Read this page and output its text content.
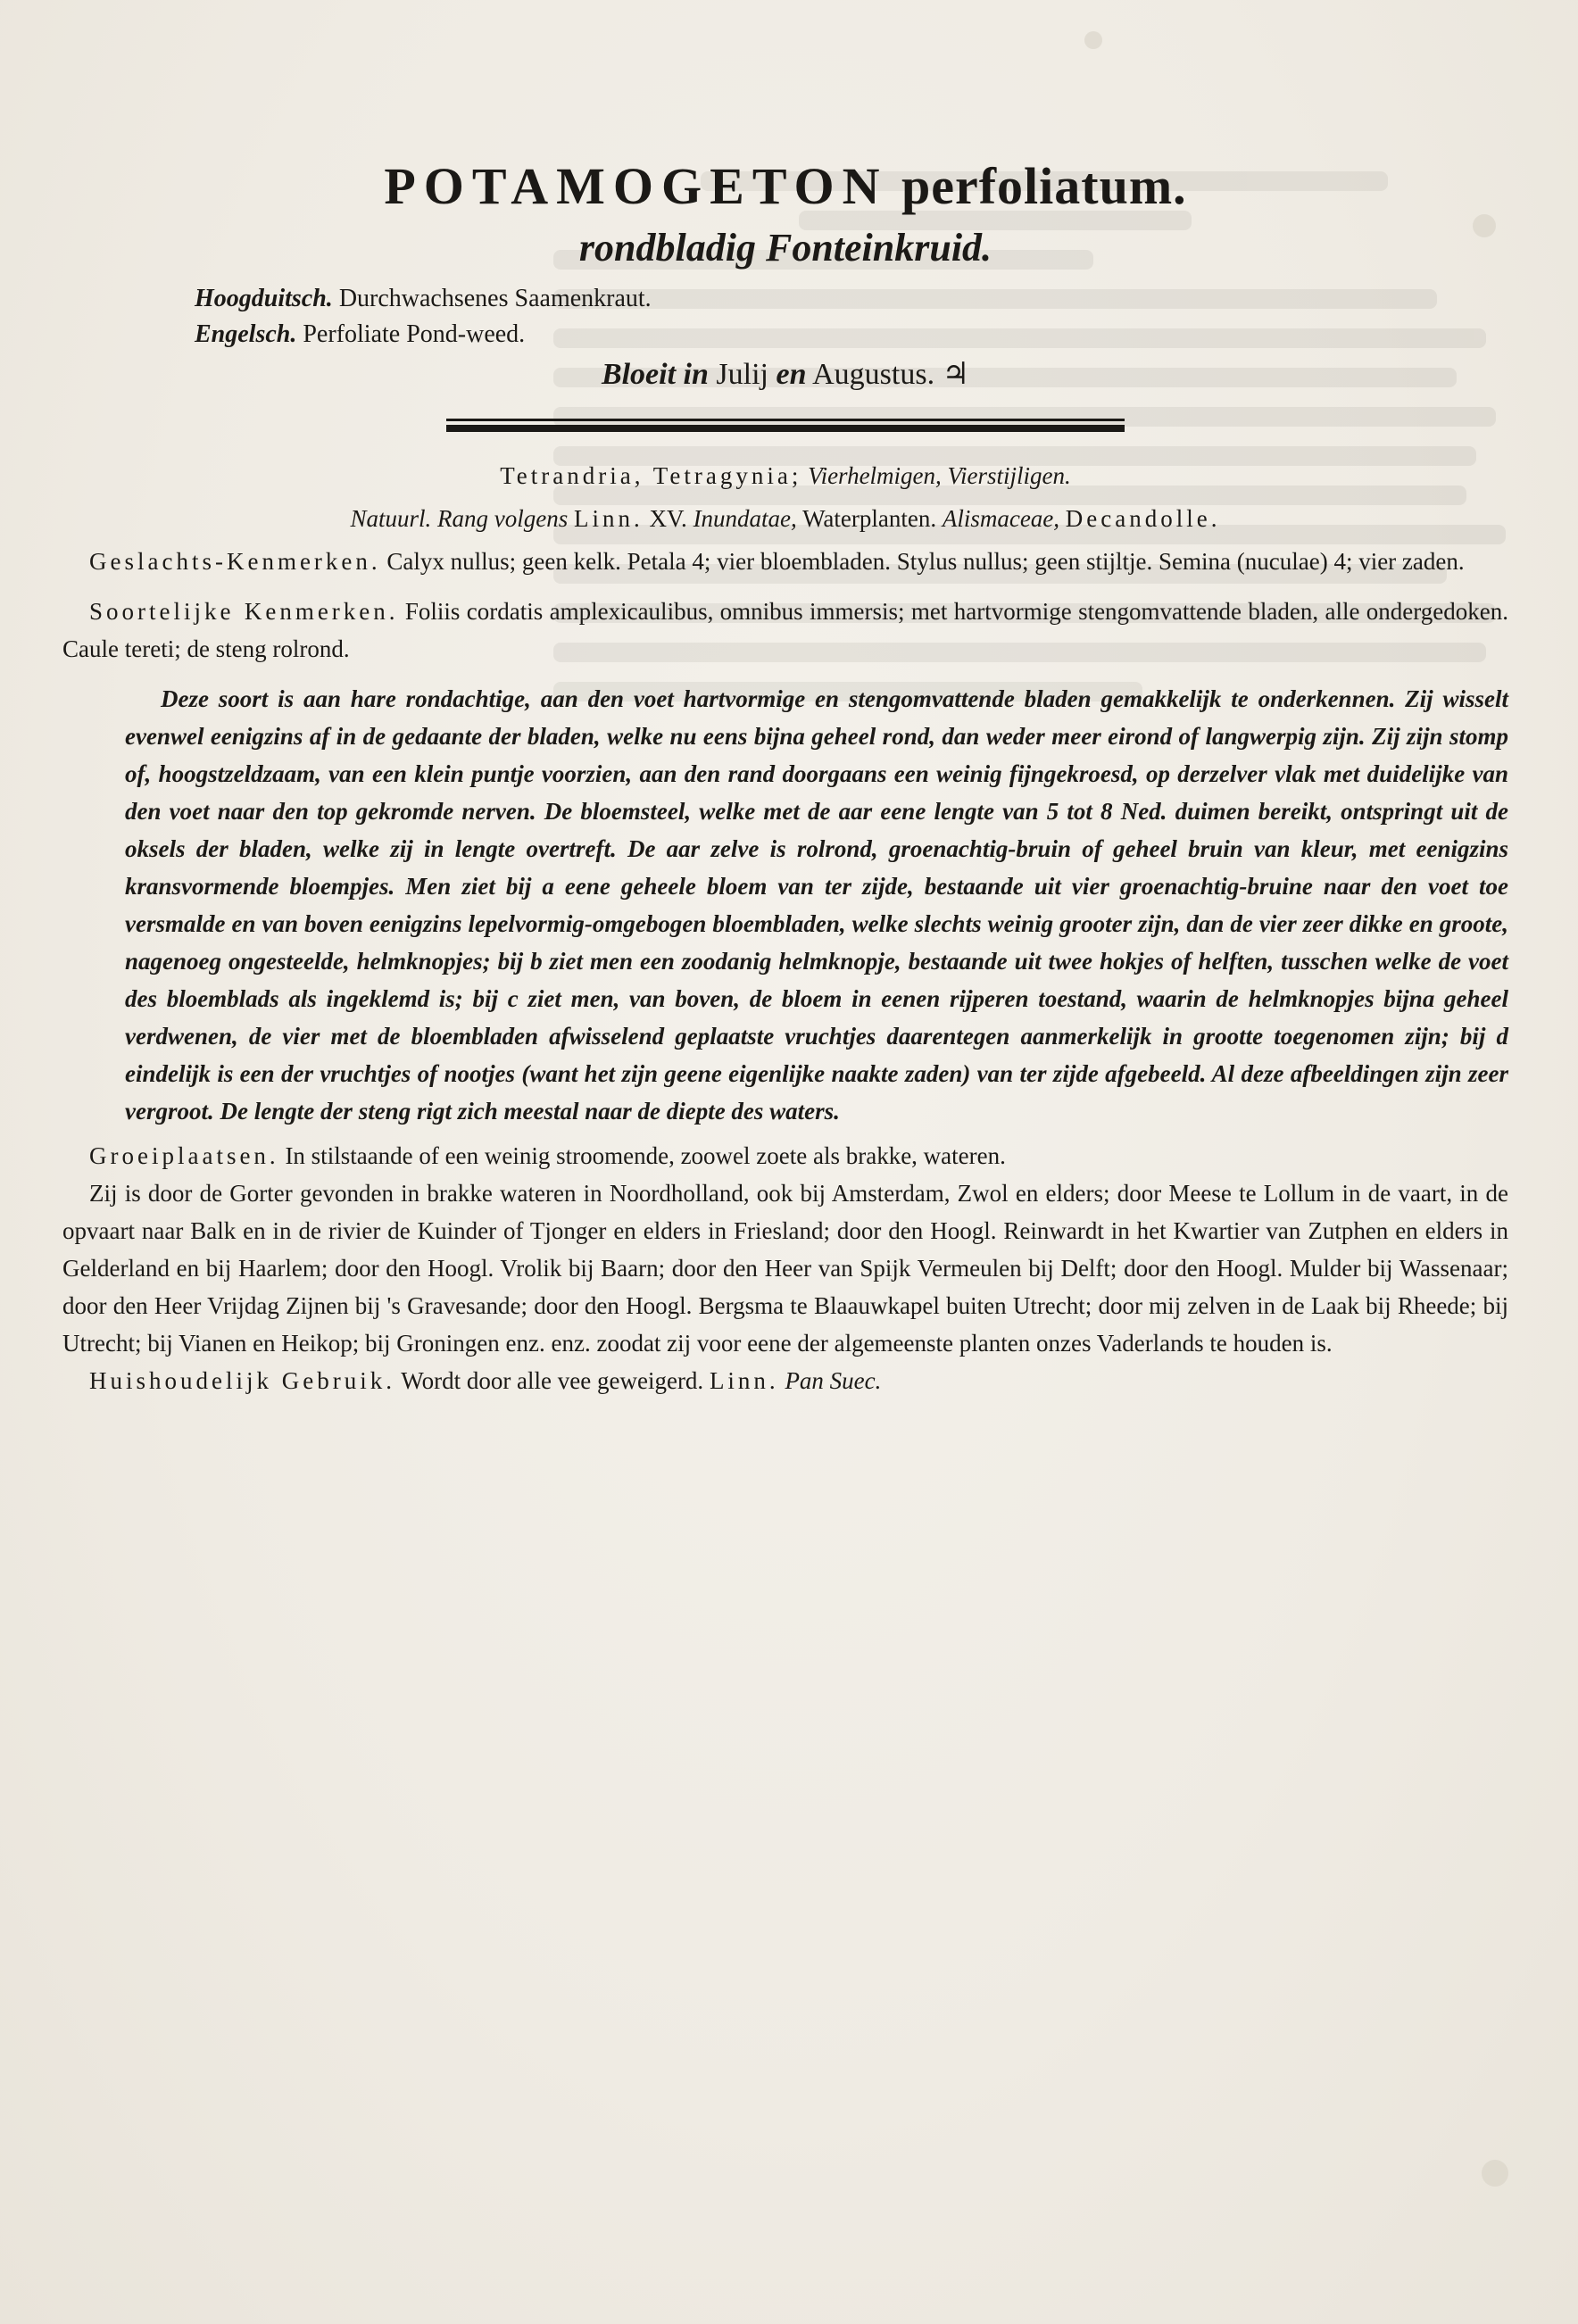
POTAMOGETON perfoliatum.
rondbladig Fonteinkruid.
Hoogduitsch. Durchwachsenes Saamenkraut.
Engelsch. Perfoliate Pond-weed.
Bloeit in Julij en Augustus. ♃
Tetrandria, Tetragynia; Vierhelmigen, Vierstijligen.
Natuurl. Rang volgens Linn. XV. Inundatae, Waterplanten. Alismaceae, Decandolle.

Geslachts-Kenmerken. Calyx nullus; geen kelk. Petala 4; vier bloembladen. Stylus nullus; geen stijltje. Semina (nuculae) 4; vier zaden.

Soortelijke Kenmerken. Foliis cordatis amplexicaulibus, omnibus immersis; met hartvormige stengomvattende bladen, alle ondergedoken. Caule tereti; de steng rolrond.

Deze soort is aan hare rondachtige, aan den voet hartvormige en stengomvattende bladen gemakkelijk te onderkennen. Zij wisselt evenwel eenigzins af in de gedaante der bladen, welke nu eens bijna geheel rond, dan weder meer eirond of langwerpig zijn. Zij zijn stomp of, hoogstzeldzaam, van een klein puntje voorzien, aan den rand doorgaans een weinig fijngekroesd, op derzelver vlak met duidelijke van den voet naar den top gekromde nerven. De bloemsteel, welke met de aar eene lengte van 5 tot 8 Ned. duimen bereikt, ontspringt uit de oksels der bladen, welke zij in lengte overtreft. De aar zelve is rolrond, groenachtig-bruin of geheel bruin van kleur, met eenigzins kransvormende bloempjes. Men ziet bij a eene geheele bloem van ter zijde, bestaande uit vier groenachtig-bruine naar den voet toe versmalde en van boven eenigzins lepelvormig-omgebogen bloembladen, welke slechts weinig grooter zijn, dan de vier zeer dikke en groote, nagenoeg ongesteelde, helmknopjes; bij b ziet men een zoodanig helmknopje, bestaande uit twee hokjes of helften, tusschen welke de voet des bloemblads als ingeklemd is; bij c ziet men, van boven, de bloem in eenen rijperen toestand, waarin de helmknopjes bijna geheel verdwenen, de vier met de bloembladen afwisselend geplaatste vruchtjes daarentegen aanmerkelijk in grootte toegenomen zijn; bij d eindelijk is een der vruchtjes of nootjes (want het zijn geene eigenlijke naakte zaden) van ter zijde afgebeeld. Al deze afbeeldingen zijn zeer vergroot. De lengte der steng rigt zich meestal naar de diepte des waters.

Groeiplaatsen. In stilstaande of een weinig stroomende, zoowel zoete als brakke, wateren.

Zij is door de Gorter gevonden in brakke wateren in Noordholland, ook bij Amsterdam, Zwol en elders; door Meese te Lollum in de vaart, in de opvaart naar Balk en in de rivier de Kuinder of Tjonger en elders in Friesland; door den Hoogl. Reinwardt in het Kwartier van Zutphen en elders in Gelderland en bij Haarlem; door den Hoogl. Vrolik bij Baarn; door den Heer van Spijk Vermeulen bij Delft; door den Hoogl. Mulder bij Wassenaar; door den Heer Vrijdag Zijnen bij 's Gravesande; door den Hoogl. Bergsma te Blaauwkapel buiten Utrecht; door mij zelven in de Laak bij Rheede; bij Utrecht; bij Vianen en Heikop; bij Groningen enz. enz. zoodat zij voor eene der algemeenste planten onzes Vaderlands te houden is.

Huishoudelijk Gebruik. Wordt door alle vee geweigerd. Linn. Pan Suec.
